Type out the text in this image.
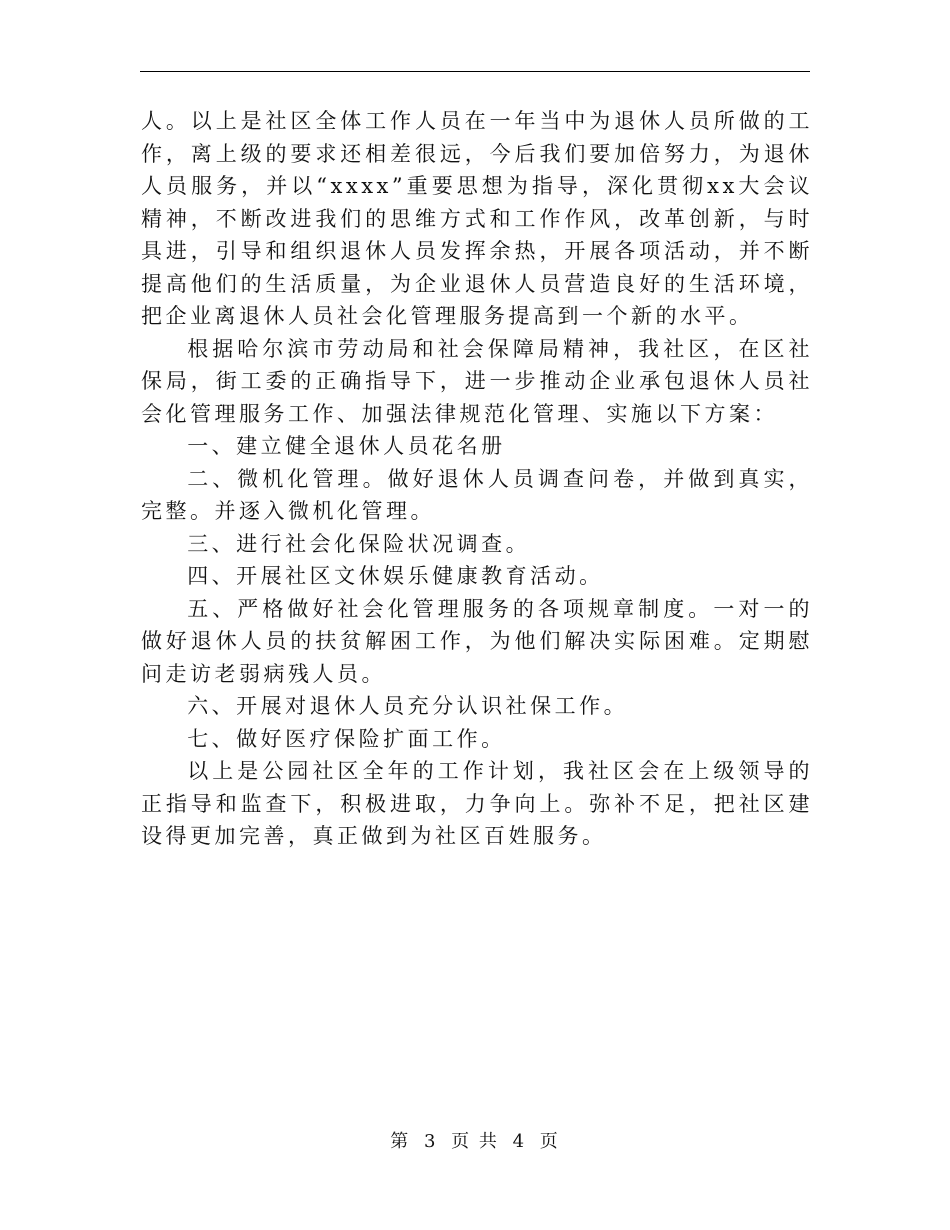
人。以上是社区全体工作人员在一年当中为退休人员所做的工作，离上级的要求还相差很远，今后我们要加倍努力，为退休人员服务，并以“xxxx”重要思想为指导，深化贯彻xx大会议精神，不断改进我们的思维方式和工作作风，改革创新，与时具进，引导和组织退休人员发挥余热，开展各项活动，并不断提高他们的生活质量，为企业退休人员营造良好的生活环境，把企业离退休人员社会化管理服务提高到一个新的水平。

根据哈尔滨市劳动局和社会保障局精神，我社区，在区社保局，街工委的正确指导下，进一步推动企业承包退休人员社会化管理服务工作、加强法律规范化管理、实施以下方案：

一、建立健全退休人员花名册

二、微机化管理。做好退休人员调查问卷，并做到真实，完整。并逐入微机化管理。

三、进行社会化保险状况调查。

四、开展社区文休娱乐健康教育活动。

五、严格做好社会化管理服务的各项规章制度。一对一的做好退休人员的扶贫解困工作，为他们解决实际困难。定期慰问走访老弱病残人员。

六、开展对退休人员充分认识社保工作。

七、做好医疗保险扩面工作。

以上是公园社区全年的工作计划，我社区会在上级领导的正指导和监查下，积极进取，力争向上。弥补不足，把社区建设得更加完善，真正做到为社区百姓服务。

第 3 页 共 4 页
